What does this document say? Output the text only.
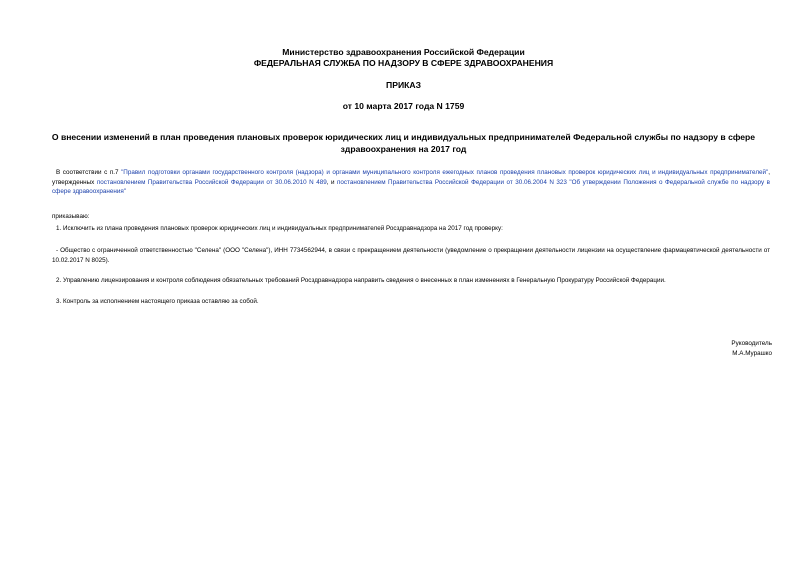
Министерство здравоохранения Российской Федерации
ФЕДЕРАЛЬНАЯ СЛУЖБА ПО НАДЗОРУ В СФЕРЕ ЗДРАВООХРАНЕНИЯ
ПРИКАЗ
от 10 марта 2017 года N 1759
О внесении изменений в план проведения плановых проверок юридических лиц и индивидуальных предпринимателей Федеральной службы по надзору в сфере здравоохранения на 2017 год
В соответствии с п.7 "Правил подготовки органами государственного контроля (надзора) и органами муниципального контроля ежегодных планов проведения плановых проверок юридических лиц и индивидуальных предпринимателей", утвержденных постановлением Правительства Российской Федерации от 30.06.2010 N 489, и постановлением Правительства Российской Федерации от 30.06.2004 N 323 "Об утверждении Положения о Федеральной службе по надзору в сфере здравоохранения"
приказываю:
1. Исключить из плана проведения плановых проверок юридических лиц и индивидуальных предпринимателей Росздравнадзора на 2017 год проверку:
- Общество с ограниченной ответственностью "Селена" (ООО "Селена"), ИНН 7734562944, в связи с прекращением деятельности (уведомление о прекращении деятельности лицензии на осуществление фармацевтической деятельности от 10.02.2017 N 8025).
2. Управлению лицензирования и контроля соблюдения обязательных требований Росздравнадзора направить сведения о внесенных в план изменениях в Генеральную Прокуратуру Российской Федерации.
3. Контроль за исполнением настоящего приказа оставляю за собой.
Руководитель
М.А.Мурашко
